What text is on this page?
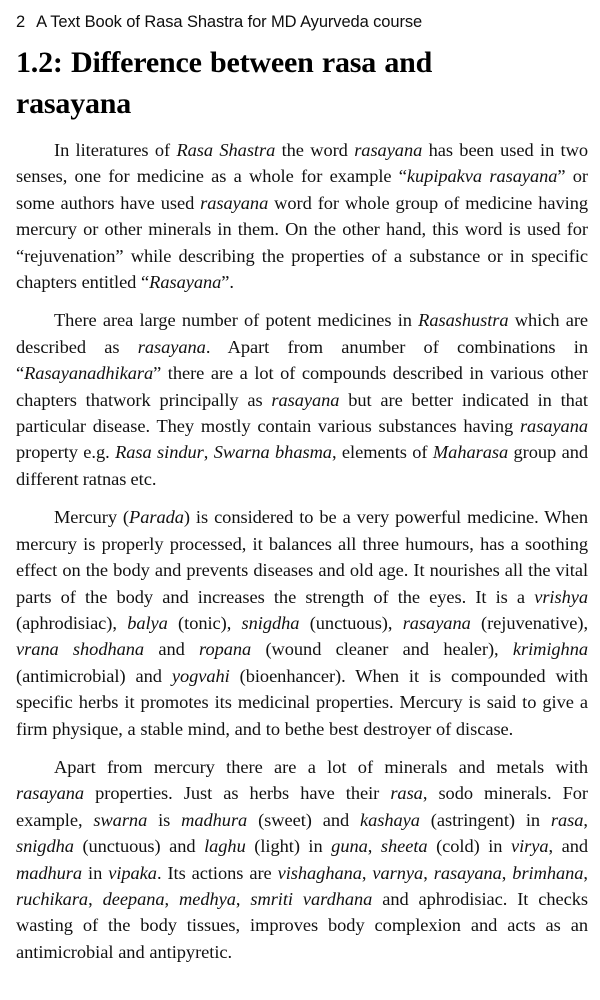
2 A Text Book of Rasa Shastra for MD Ayurveda course
1.2: Difference between rasa and rasayana

In literatures of Rasa Shastra the word rasayana has been used in two senses, one for medicine as a whole for example “kupipakva rasayana” or some authors have used rasayana word for whole group of medicine having mercury or other minerals in them. On the other hand, this word is used for “rejuvenation” while describing the properties of a substance or in specific chapters entitled “Rasayana”.

There area large number of potent medicines in Rasashustra which are described as rasayana. Apart from anumber of combinations in “Rasayanadhikara” there are a lot of compounds described in various other chapters thatwork principally as rasayana but are better indicated in that particular disease. They mostly contain various substances having rasayana property e.g. Rasa sindur, Swarna bhasma, elements of Maharasa group and different ratnas etc.

Mercury (Parada) is considered to be a very powerful medicine. When mercury is properly processed, it balances all three humours, has a soothing effect on the body and prevents diseases and old age. It nourishes all the vital parts of the body and increases the strength of the eyes. It is a vrishya (aphrodisiac), balya (tonic), snigdha (unctuous), rasayana (rejuvenative), vrana shodhana and ropana (wound cleaner and healer), krimighna (antimicrobial) and yogvahi (bioenhancer). When it is compounded with specific herbs it promotes its medicinal properties. Mercury is said to give a firm physique, a stable mind, and to bethe best destroyer of discase.

Apart from mercury there are a lot of minerals and metals with rasayana properties. Just as herbs have their rasa, sodo minerals. For example, swarna is madhura (sweet) and kashaya (astringent) in rasa, snigdha (unctuous) and laghu (light) in guna, sheeta (cold) in virya, and madhura in vipaka. Its actions are vishaghana, varnya, rasayana, brimhana, ruchikara, deepana, medhya, smriti vardhana and aphrodisiac. It checks wasting of the body tissues, improves body complexion and acts as an antimicrobial and antipyretic.
